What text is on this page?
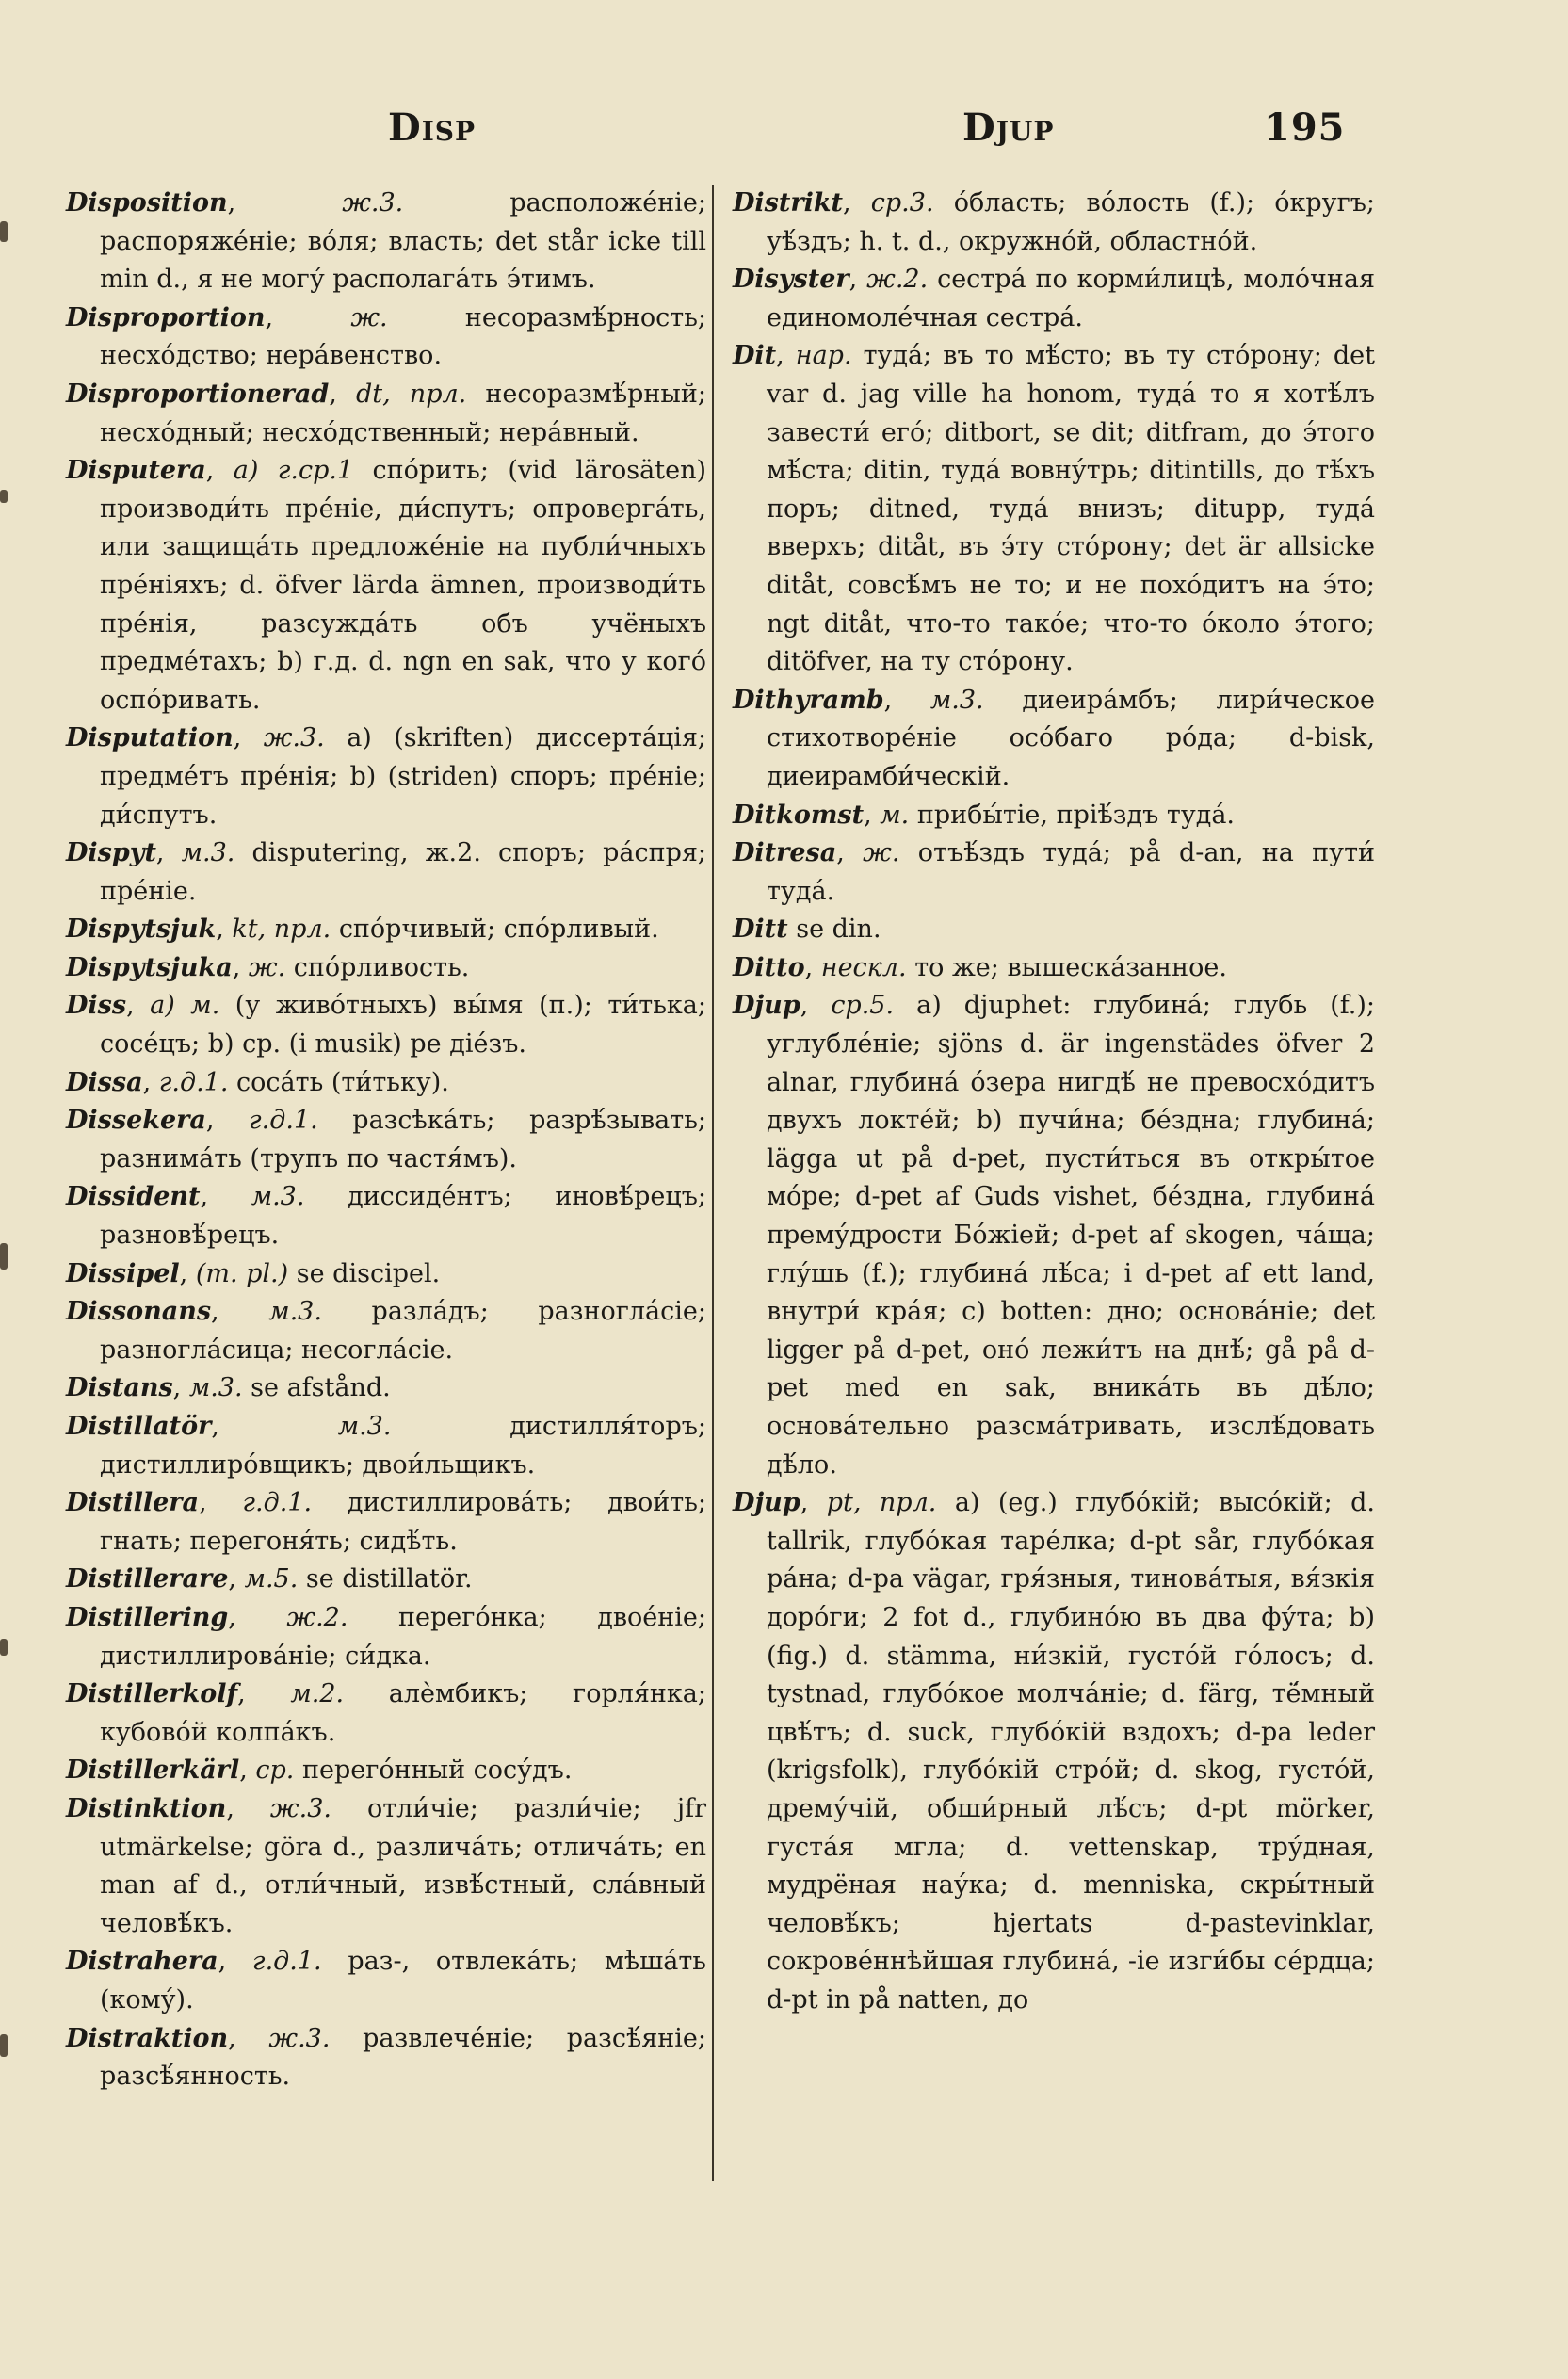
Disp	Djup	195

Disposition	, ж.3.	расположе́ніе; распоряже́ніе; во́ля; власть; det står icke till min d., я не могу́ располага́ть э́тимъ.

Disproportion	, ж.	несоразмѣ́рность; несхо́дство; нера́венство.

Disproportionerad , dt, прл. несоразмѣ́рный; несхо́дный; несхо́дственный; нера́вный.

Disputera , а) г.ср.1 спо́рить; (vid lärosäten) производи́ть пре́ніе, ди́спутъ; опроверга́ть, или защища́ть предложе́ніе на публи́чныхъ пре́ніяхъ; d. öfver lärda ämnen, производи́ть пре́нія, разсужда́ть объ учёныхъ предме́тахъ; b) г.д. d. ngn en sak, что у кого́ оспо́ривать.

Disputation , ж.3. а) (skriften) диссерта́ція; предме́тъ пре́нія; b) (striden) споръ; пре́ніе; ди́спутъ.

Dispyt , м.3. disputering, ж.2. споръ; ра́спря; пре́ніе.

Dispytsjuk , kt, прл. спо́рчивый; спо́рливый.

Dispytsjuka , ж. спо́рливость.

Diss , а) м. (у живо́тныхъ) вы́мя (п.); ти́тька; сосе́цъ; b) ср. (i musik) ре діе́зъ.

Dissa , г.д.1. соса́ть (ти́тьку).

Dissekera , г.д.1. разсѣка́ть; разрѣ́зывать; разнима́ть (трупъ по частя́мъ).

Dissident , м.3. диссиде́нтъ; иновѣ́рецъ; разновѣ́рецъ.

Dissipel , (m. pl.) se discipel.

Dissonans , м.3. разла́дъ; разногла́сіе; разногла́сица; несогла́сіе.

Distans , м.3. se afstånd.

Distillatör	, м.3.	дистилля́торъ; дистиллиро́вщикъ; двои́льщикъ.

Distillera , г.д.1. дистиллирова́ть; двои́ть; гнать; перегоня́ть; сидѣ́ть.

Distillerare , м.5. se distillatör.

Distillering , ж.2. перего́нка; двое́ніе; дистиллирова́ніе; си́дка.

Distillerkolf , м.2. алѐмбикъ; горля́нка; кубово́й колпа́къ.

Distillerkärl , ср. перего́нный сосу́дъ.

Distinktion , ж.3. отли́чіе; разли́чіе; jfr utmärkelse; göra d., различа́ть; отлича́ть; en man af d., отли́чный, извѣ́стный, сла́вный человѣ́къ.

Distrahera , г.д.1. раз-, отвлека́ть; мѣша́ть (кому́).

Distraktion , ж.3. развлече́ніе; разсѣ́яніе; разсѣ́янность.

Distrikt , ср.3. о́бласть; во́лость (f.); о́кругъ; уѣ́здъ; h. t. d., окружно́й, областно́й.

Disyster , ж.2. сестра́ по корми́лицѣ, моло́чная единомоле́чная сестра́.

Dit , нар. туда́; въ то мѣ́сто; въ ту сто́рону; det var d. jag ville ha honom, туда́ то я хотѣ́лъ завести́ его́; ditbort, se dit; ditfram, до э́того мѣ́ста; ditin, туда́ вовну́трь; ditintills, до тѣ́хъ поръ; ditned, туда́ внизъ; ditupp, туда́ вверхъ; ditåt, въ э́ту сто́рону; det är allsicke ditåt, совсѣ́мъ не то; и не похо́дитъ на э́то; ngt ditåt, что-то тако́е; что-то о́коло э́того; ditöfver, на ту сто́рону.

Dithyramb , м.3. диеира́мбъ; лири́ческое стихотворе́ніе осо́баго ро́да; d-bisk, диеирамби́ческій.

Ditkomst , м. прибы́тіе, пріѣ́здъ туда́.

Ditresa , ж. отъѣ́здъ туда́; på d-an, на пути́ туда́.

Ditt se din.

Ditto , нескл. то же; вышеска́занное.

Djup , ср.5. а) djuphet: глубина́; глубь (f.); углубле́ніе; sjöns d. är ingenstädes öfver 2 alnar, глубина́ о́зера нигдѣ́ не превосхо́дитъ двухъ локте́й; b) пучи́на; бе́здна; глубина́; lägga ut på d-pet, пусти́ться въ откры́тое мо́ре; d-pet af Guds vishet, бе́здна, глубина́ прему́дрости Бо́жіей; d-pet af skogen, ча́ща; глу́шь (f.); глубина́ лѣ́са; i d-pet af ett land, внутри́ кра́я; c) botten: дно; основа́ніе; det ligger på d-pet, оно́ лежи́тъ на днѣ́; gå på d-pet med en sak, вника́ть въ дѣ́ло; основа́тельно разсма́тривать, изслѣ́довать дѣ́ло.

Djup , pt, прл. а) (eg.) глубо́кій; высо́кій; d. tallrik, глубо́кая таре́лка; d-pt sår, глубо́кая ра́на; d-pa vägar, гря́зныя, тинова́тыя, вя́зкія доро́ги; 2 fot d., глубино́ю въ два фу́та; b) (fig.) d. stämma, ни́зкій, густо́й го́лосъ; d. tystnad, глубо́кое молча́ніе; d. färg, тё́мный цвѣ́тъ; d. suck, глубо́кій вздохъ; d-pa leder (krigsfolk), глубо́кій стро́й; d. skog, густо́й, дрему́чій, обши́рный лѣ́съ; d-pt mörker, густа́я мгла; d. vettenskap, тру́дная, мудрёная нау́ка; d. menniska, скры́тный человѣ́къ; hjertats d-pastevinklar, сокрове́ннѣйшая глубина́, -ie изги́бы се́рдца; d-pt in på natten, до
